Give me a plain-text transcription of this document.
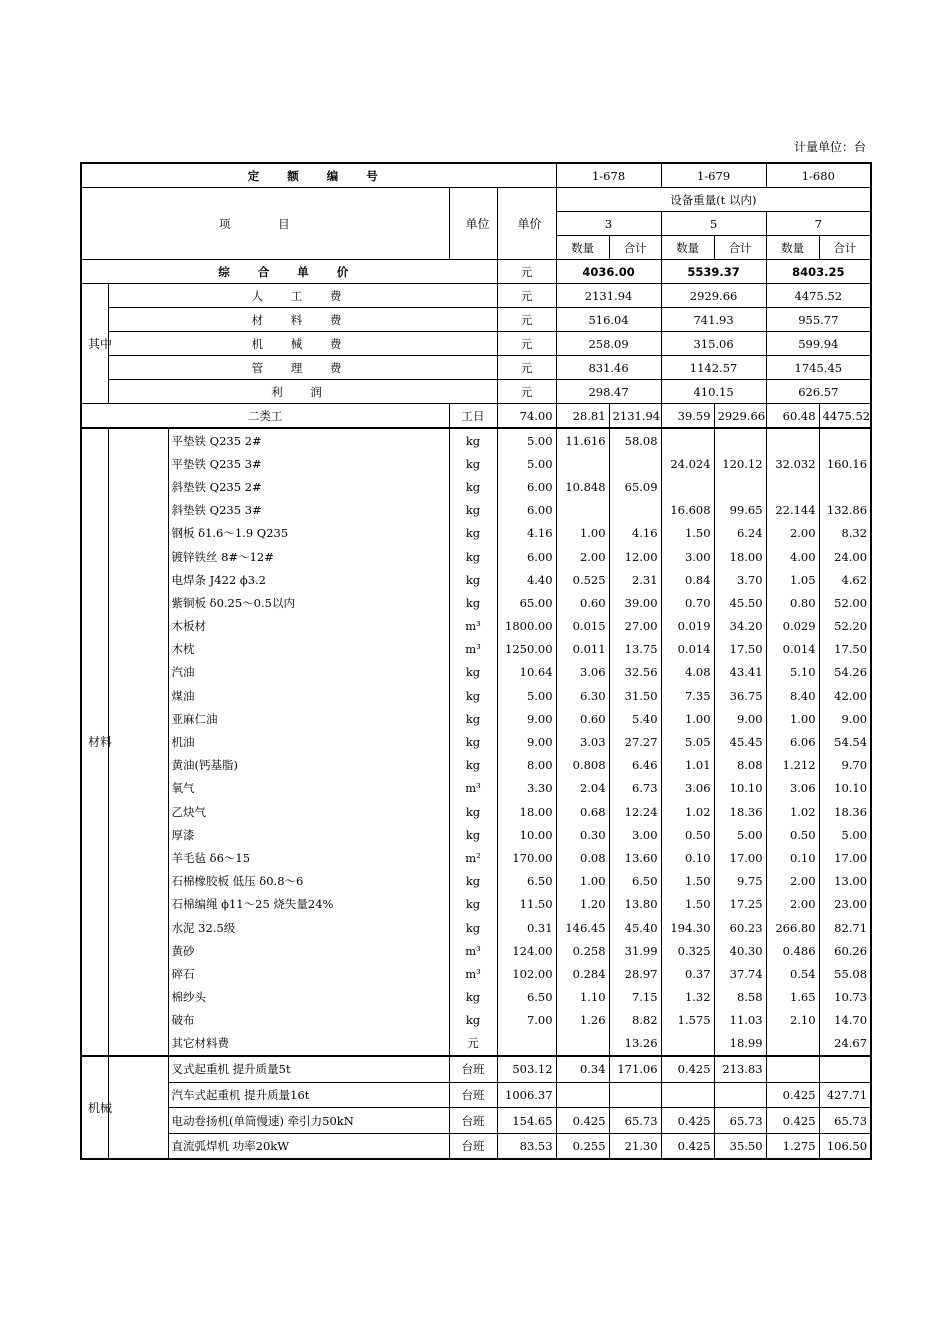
计量单位：台
定 额 编 号					1-678		1-679		1-680	
项 目			单位	单价	设备重量(t 以内)					
					3		5		7	
					数量	合计	数量	合计	数量	合计
综 合 单 价				元	4036.00		5539.37		8403.25	
其中	人 工 费			元	2131.94		2929.66		4475.52	
	材 料 费			元	516.04		741.93		955.77	
	机 械 费			元	258.09		315.06		599.94	
	管 理 费			元	831.46		1142.57		1745.45	
	利 润			元	298.47		410.15		626.57	
二类工			工日	74.00	28.81	2131.94	39.59	2929.66	60.48	4475.52
材料		平垫铁 Q235 2#	kg	5.00	11.616	58.08				
		平垫铁 Q235 3#	kg	5.00			24.024	120.12	32.032	160.16
		斜垫铁 Q235 2#	kg	6.00	10.848	65.09				
		斜垫铁 Q235 3#	kg	6.00			16.608	99.65	22.144	132.86
		钢板 δ1.6～1.9 Q235	kg	4.16	1.00	4.16	1.50	6.24	2.00	8.32
		镀锌铁丝 8#～12#	kg	6.00	2.00	12.00	3.00	18.00	4.00	24.00
		电焊条 J422 ϕ3.2	kg	4.40	0.525	2.31	0.84	3.70	1.05	4.62
		紫铜板 δ0.25～0.5以内	kg	65.00	0.60	39.00	0.70	45.50	0.80	52.00
		木板材	m³	1800.00	0.015	27.00	0.019	34.20	0.029	52.20
		木枕	m³	1250.00	0.011	13.75	0.014	17.50	0.014	17.50
		汽油	kg	10.64	3.06	32.56	4.08	43.41	5.10	54.26
		煤油	kg	5.00	6.30	31.50	7.35	36.75	8.40	42.00
		亚麻仁油	kg	9.00	0.60	5.40	1.00	9.00	1.00	9.00
		机油	kg	9.00	3.03	27.27	5.05	45.45	6.06	54.54
		黄油(钙基脂)	kg	8.00	0.808	6.46	1.01	8.08	1.212	9.70
		氧气	m³	3.30	2.04	6.73	3.06	10.10	3.06	10.10
		乙炔气	kg	18.00	0.68	12.24	1.02	18.36	1.02	18.36
		厚漆	kg	10.00	0.30	3.00	0.50	5.00	0.50	5.00
		羊毛毡 δ6～15	m²	170.00	0.08	13.60	0.10	17.00	0.10	17.00
		石棉橡胶板 低压 δ0.8～6	kg	6.50	1.00	6.50	1.50	9.75	2.00	13.00
		石棉编绳 ϕ11～25 烧失量24%	kg	11.50	1.20	13.80	1.50	17.25	2.00	23.00
		水泥 32.5级	kg	0.31	146.45	45.40	194.30	60.23	266.80	82.71
		黄砂	m³	124.00	0.258	31.99	0.325	40.30	0.486	60.26
		碎石	m³	102.00	0.284	28.97	0.37	37.74	0.54	55.08
		棉纱头	kg	6.50	1.10	7.15	1.32	8.58	1.65	10.73
		破布	kg	7.00	1.26	8.82	1.575	11.03	2.10	14.70
		其它材料费	元			13.26		18.99		24.67
机械		叉式起重机 提升质量5t	台班	503.12	0.34	171.06	0.425	213.83		
		汽车式起重机 提升质量16t	台班	1006.37					0.425	427.71
		电动卷扬机(单筒慢速) 牵引力50kN	台班	154.65	0.425	65.73	0.425	65.73	0.425	65.73
		直流弧焊机 功率20kW	台班	83.53	0.255	21.30	0.425	35.50	1.275	106.50
